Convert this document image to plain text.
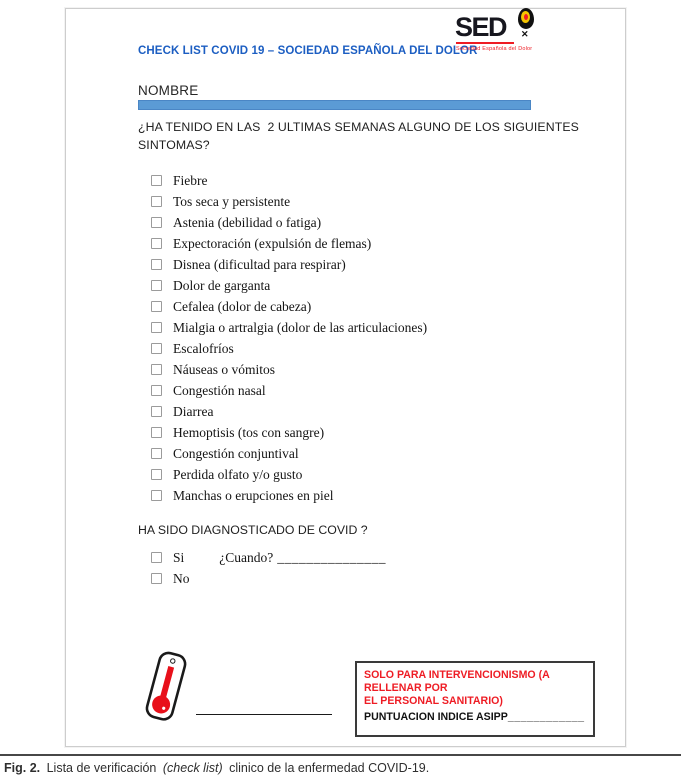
CHECK LIST COVID 19 – SOCIEDAD ESPAÑOLA DEL DOLOR
SED ✕
Sociedad Española del Dolor
NOMBRE
¿HA TENIDO EN LAS  2 ULTIMAS SEMANAS ALGUNO DE LOS SIGUIENTES
SINTOMAS?
Fiebre
Tos seca y persistente
Astenia (debilidad o fatiga)
Expectoración (expulsión de flemas)
Disnea (dificultad para respirar)
Dolor de garganta
Cefalea (dolor de cabeza)
Mialgia o artralgia (dolor de las articulaciones)
Escalofríos
Náuseas o vómitos
Congestión nasal
Diarrea
Hemoptisis (tos con sangre)
Congestión conjuntival
Perdida olfato y/o gusto
Manchas o erupciones en piel
HA SIDO DIAGNOSTICADO DE COVID ?
Si	¿Cuando? _______________
No
SOLO PARA INTERVENCIONISMO (A RELLENAR POR
EL PERSONAL SANITARIO)
PUNTUACION INDICE ASIPP____________
Fig. 2. Lista de verificación (check list) clinico de la enfermedad COVID-19.
